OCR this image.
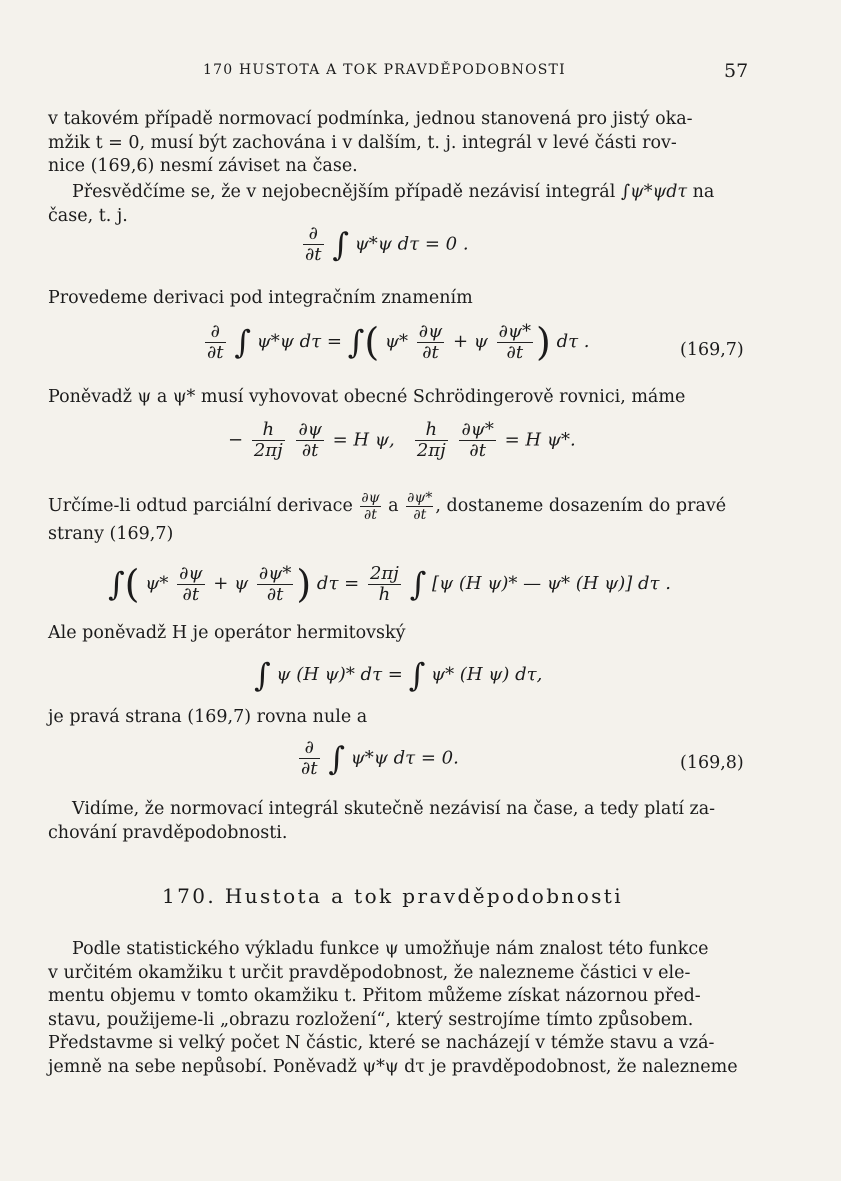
170 HUSTOTA A TOK PRAVDĚPODOBNOSTI	57
v takovém případě normovací podmínka, jednou stanovená pro jistý oka-
mžik t = 0, musí být zachována i v dalším, t. j. integrál v levé části rov-
nice (169,6) nesmí záviset na čase.
Přesvědčíme se, že v nejobecnějším případě nezávisí integrál ∫ψ*ψdτ na
čase, t. j.
$\frac{\partial}{\partial t}$ ∫ ψ*ψ dτ = 0 .
Provedeme derivaci pod integračním znamením
$\frac{\partial}{\partial t}$ ∫ ψ*ψ dτ = ∫( $\psi* \frac{\partial\psi}{\partial t} + \psi \frac{\partial\psi*}{\partial t}$ ) dτ .	(169,7)
Poněvadž ψ a ψ* musí vyhovovat obecné Schrödingerově rovnici, máme
− $\frac{h}{2\pi j}$
$\frac{\partial\psi}{\partial t} = H$ ψ, $\frac{h}{2\pi j}$
$\frac{\partial\psi*}{\partial t} = H$ ψ*.
Určíme-li odtud parciální derivace $\frac{\partial\psi}{\partial t}$ a $\frac{\partial\psi*}{\partial t}$ , dostaneme dosazením do pravé
strany (169,7)
∫( $\psi* \frac{\partial\psi}{\partial t} + \psi \frac{\partial\psi*}{\partial t}$ ) $d\tau = \frac{2\pi j}{h}$ ∫ [ψ (H ψ)* — ψ* (H ψ)] dτ .
Ale poněvadž H je operátor hermitovský
∫ ψ (H ψ)* dτ = ∫ ψ* (H ψ) dτ,
je pravá strana (169,7) rovna nule a
$\frac{\partial}{\partial t}$ ∫ ψ*ψ dτ = 0.	(169,8)
Vidíme, že normovací integrál skutečně nezávisí na čase, a tedy platí za-
chování pravděpodobnosti.
170. Hustota a tok pravděpodobnosti
Podle statistického výkladu funkce ψ umožňuje nám znalost této funkce
v určitém okamžiku t určit pravděpodobnost, že nalezneme částici v ele-
mentu objemu v tomto okamžiku t. Přitom můžeme získat názornou před-
stavu, použijeme-li „obrazu rozložení“, který sestrojíme tímto způsobem.
Představme si velký počet N částic, které se nacházejí v témže stavu a vzá-
jemně na sebe nepůsobí. Poněvadž ψ*ψ dτ je pravděpodobnost, že nalezneme
